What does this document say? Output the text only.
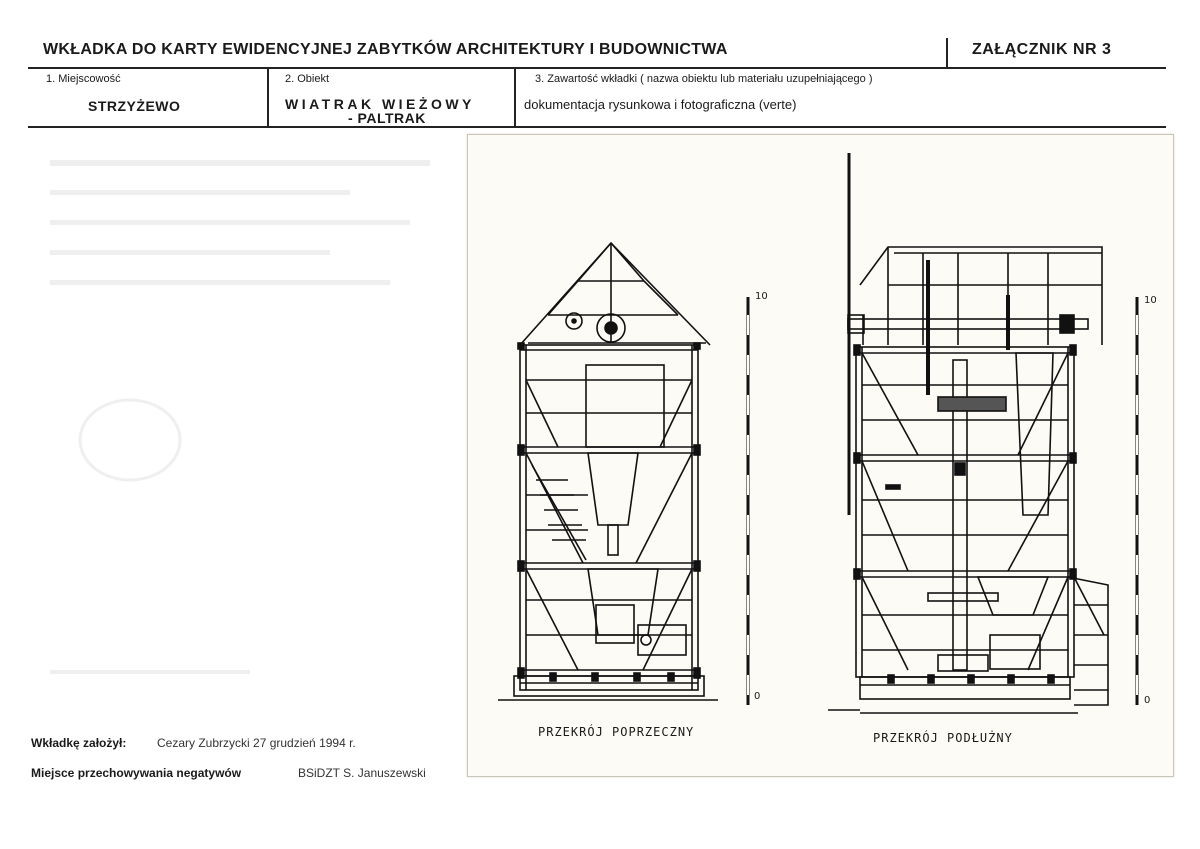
WKŁADKA DO KARTY EWIDENCYJNEJ ZABYTKÓW ARCHITEKTURY I BUDOWNICTWA	ZAŁĄCZNIK NR 3
1. Miejscowość
STRZYŻEWO
2. Obiekt
WIATRAK WIEŻOWY
- PALTRAK
3. Zawartość wkładki ( nazwa obiektu lub materiału uzupełniającego )
dokumentacja rysunkowa i fotograficzna (verte)
10
0
10
0
PRZEKRÓJ POPRZECZNY	PRZEKRÓJ PODŁUŻNY
Wkładkę założył:	Cezary Zubrzycki 27 grudzień 1994 r.
Miejsce przechowywania negatywów	BSiDZT S. Januszewski
